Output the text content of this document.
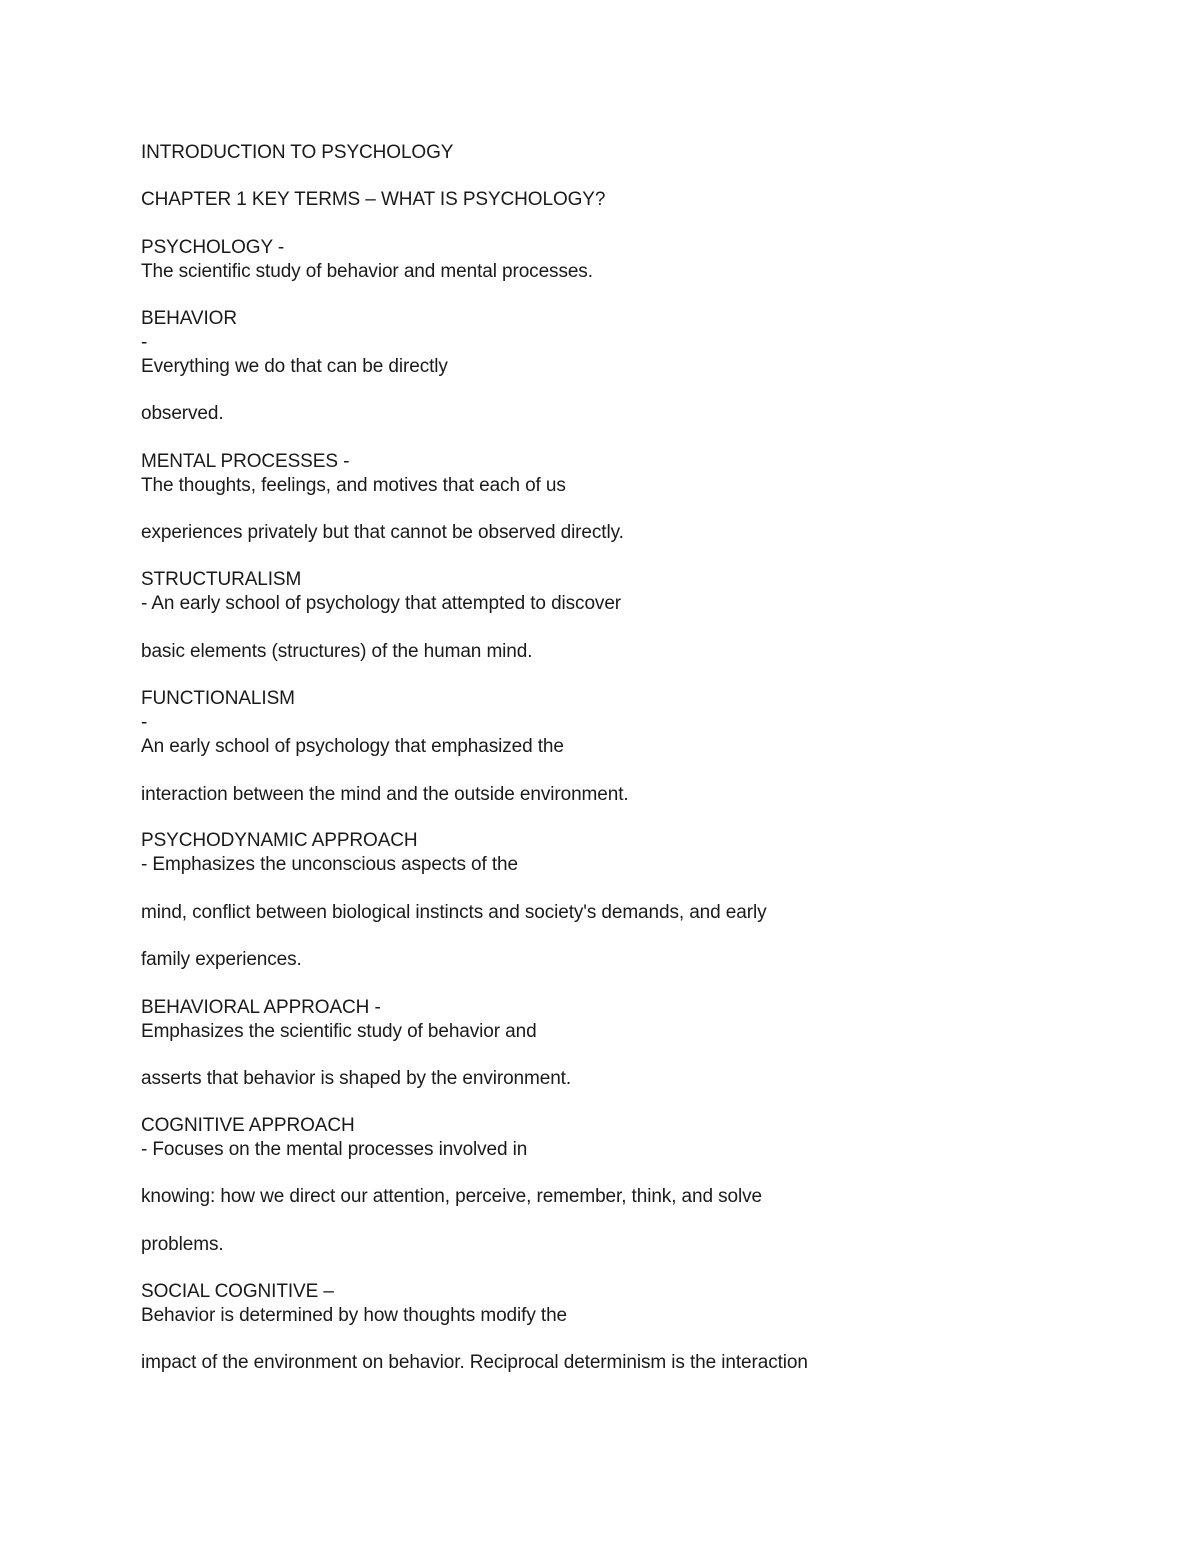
INTRODUCTION TO PSYCHOLOGY
CHAPTER 1 KEY TERMS – WHAT IS PSYCHOLOGY?
PSYCHOLOGY -
The scientific study of behavior and mental processes.
BEHAVIOR
-
Everything we do that can be directly
observed.
MENTAL PROCESSES -
The thoughts, feelings, and motives that each of us
experiences privately but that cannot be observed directly.
STRUCTURALISM
- An early school of psychology that attempted to discover
basic elements (structures) of the human mind.
FUNCTIONALISM
-
An early school of psychology that emphasized the
interaction between the mind and the outside environment.
PSYCHODYNAMIC APPROACH
- Emphasizes the unconscious aspects of the
mind, conflict between biological instincts and society's demands, and early
family experiences.
BEHAVIORAL APPROACH -
Emphasizes the scientific study of behavior and
asserts that behavior is shaped by the environment.
COGNITIVE APPROACH
- Focuses on the mental processes involved in
knowing: how we direct our attention, perceive, remember, think, and solve
problems.
SOCIAL COGNITIVE –
Behavior is determined by how thoughts modify the
impact of the environment on behavior. Reciprocal determinism is the interaction
